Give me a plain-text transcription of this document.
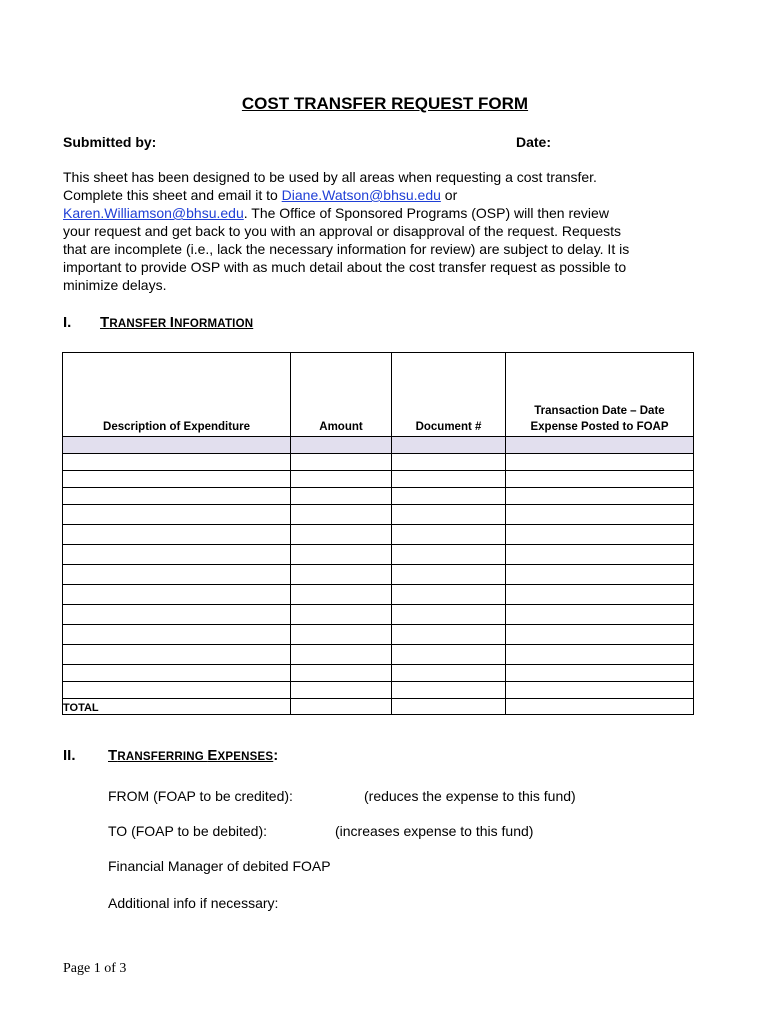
COST TRANSFER REQUEST FORM
Submitted by:	Date:
This sheet has been designed to be used by all areas when requesting a cost transfer.
Complete this sheet and email it to Diane.Watson@bhsu.edu or
Karen.Williamson@bhsu.edu. The Office of Sponsored Programs (OSP) will then review
your request and get back to you with an approval or disapproval of the request. Requests
that are incomplete (i.e., lack the necessary information for review) are subject to delay. It is
important to provide OSP with as much detail about the cost transfer request as possible to
minimize delays.
I. TRANSFER INFORMATION
Description of Expenditure	Amount	Document #	Transaction Date – Date
Expense Posted to FOAP

TOTAL			
II. TRANSFERRING EXPENSES:
FROM (FOAP to be credited):	(reduces the expense to this fund)
TO (FOAP to be debited):	(increases expense to this fund)
Financial Manager of debited FOAP
Additional info if necessary:
Page 1 of 3
